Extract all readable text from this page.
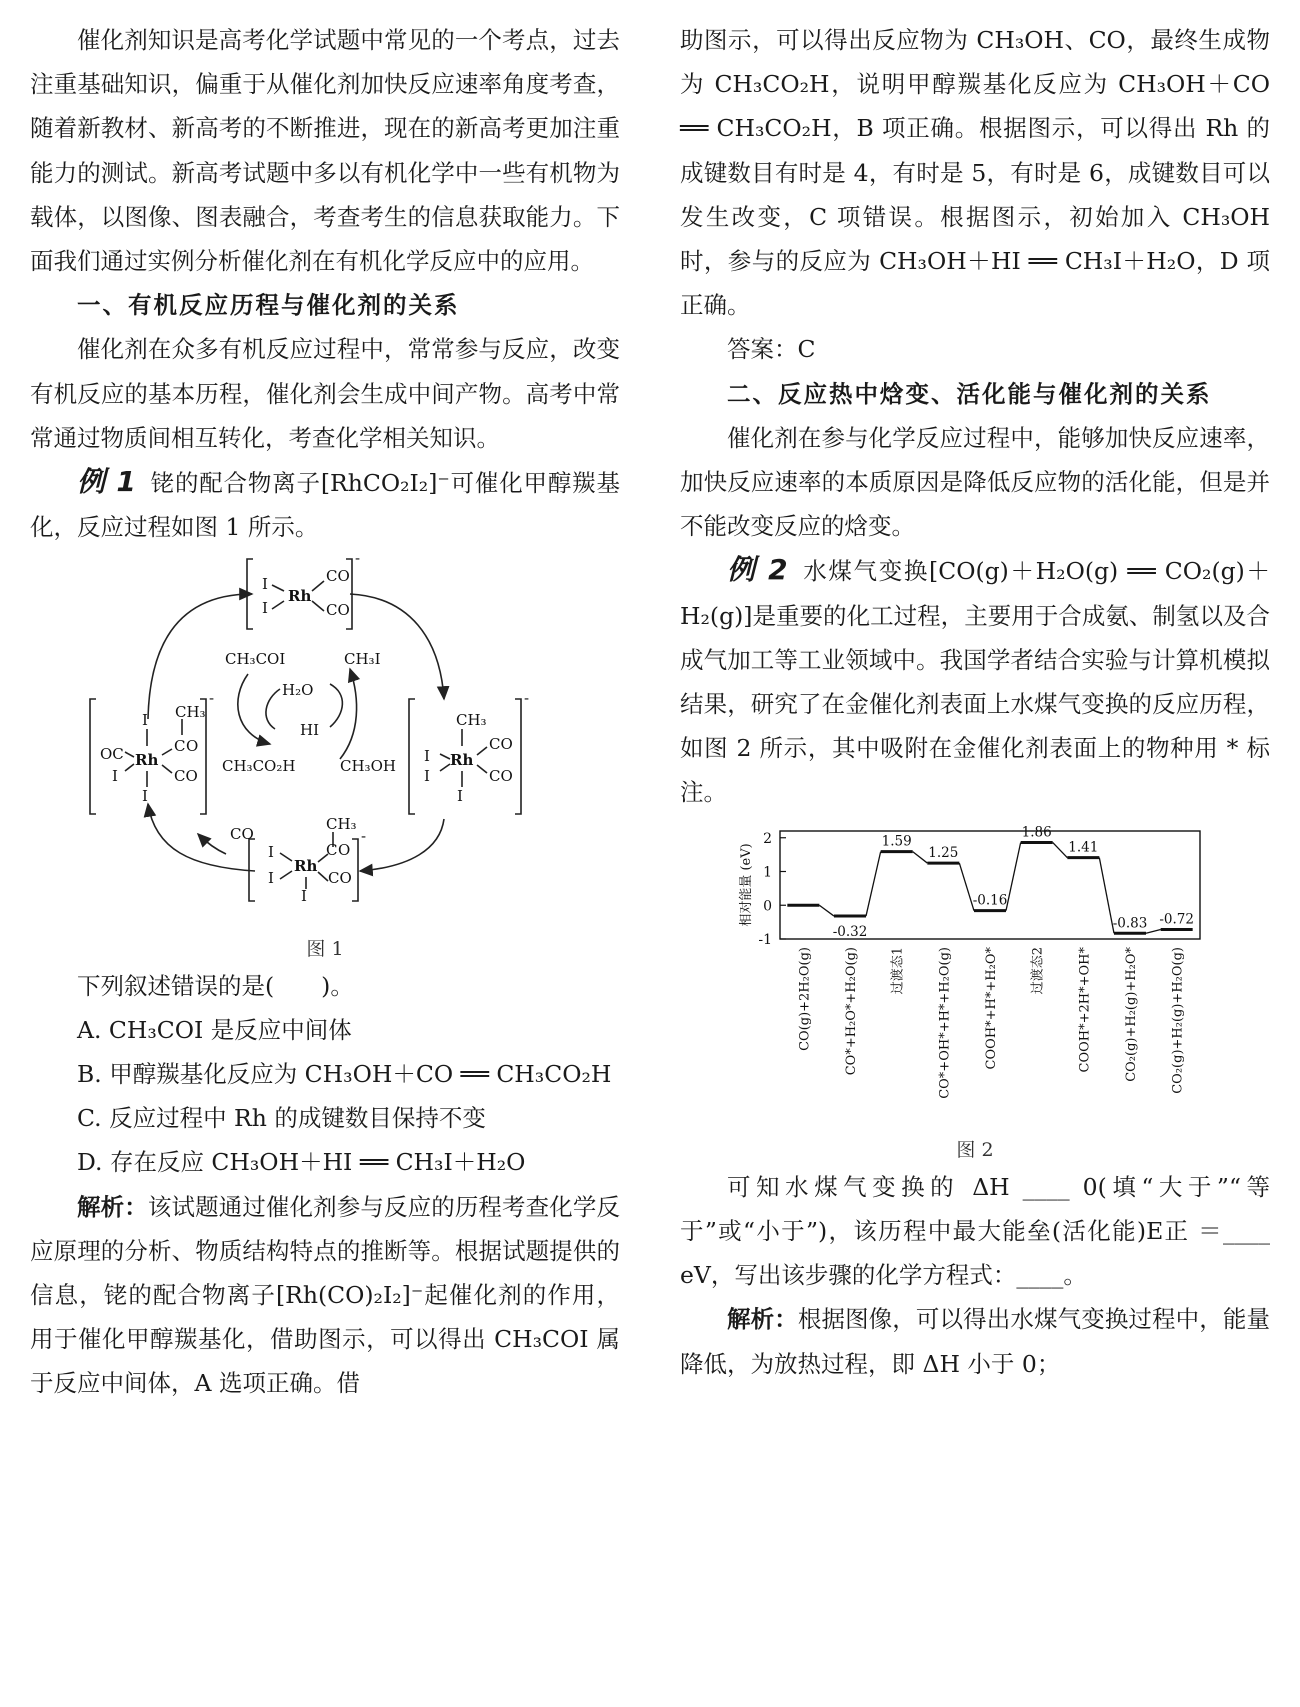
催化剂知识是高考化学试题中常见的一个考点，过去注重基础知识，偏重于从催化剂加快反应速率角度考查，随着新教材、新高考的不断推进，现在的新高考更加注重能力的测试。新高考试题中多以有机化学中一些有机物为载体，以图像、图表融合，考查考生的信息获取能力。下面我们通过实例分析催化剂在有机化学反应中的应用。

一、有机反应历程与催化剂的关系

催化剂在众多有机反应过程中，常常参与反应，改变有机反应的基本历程，催化剂会生成中间产物。高考中常常通过物质间相互转化，考查化学相关知识。

例 1 铑的配合物离子[RhCO₂I₂]⁻可催化甲醇羰基化，反应过程如图 1 所示。

I
I
Rh
CO
CO
-
I
OC
I
Rh
I
CH₃
C O
CO
-
CH₃
I
I
Rh
I
CO
CO
-
I
I
Rh
I
CH₃
C O
CO
-
CH₃COI	CH₃I
H₂O
HI
CH₃CO₂H	CH₃OH
CO

图 1

下列叙述错误的是(　　)。

A. CH₃COI 是反应中间体

B. 甲醇羰基化反应为 CH₃OH＋CO ══ CH₃CO₂H

C. 反应过程中 Rh 的成键数目保持不变

D. 存在反应 CH₃OH＋HI ══ CH₃I＋H₂O

解析：该试题通过催化剂参与反应的历程考查化学反应原理的分析、物质结构特点的推断等。根据试题提供的信息，铑的配合物离子[Rh(CO)₂I₂]⁻起催化剂的作用，用于催化甲醇羰基化，借助图示，可以得出 CH₃COI 属于反应中间体，A 选项正确。借

助图示，可以得出反应物为 CH₃OH、CO，最终生成物为 CH₃CO₂H，说明甲醇羰基化反应为 CH₃OH＋CO ══ CH₃CO₂H，B 项正确。根据图示，可以得出 Rh 的成键数目有时是 4，有时是 5，有时是 6，成键数目可以发生改变，C 项错误。根据图示，初始加入 CH₃OH 时，参与的反应为 CH₃OH＋HI ══ CH₃I＋H₂O，D 项正确。

答案：C

二、反应热中焓变、活化能与催化剂的关系

催化剂在参与化学反应过程中，能够加快反应速率，加快反应速率的本质原因是降低反应物的活化能，但是并不能改变反应的焓变。

例 2 水煤气变换[CO(g)＋H₂O(g) ══ CO₂(g)＋H₂(g)]是重要的化工过程，主要用于合成氨、制氢以及合成气加工等工业领域中。我国学者结合实验与计算机模拟结果，研究了在金催化剂表面上水煤气变换的反应历程，如图 2 所示，其中吸附在金催化剂表面上的物种用 * 标注。

2
1
0
-1
相对能量 (eV)
CO(g)+2H₂O(g)
-0.32
CO*+H₂O*+H₂O(g)
1.59
过渡态1
1.25
CO*+OH*+H*+H₂O(g)
-0.16
COOH*+H*+H₂O*
1.86
过渡态2
1.41
COOH*+2H*+OH*
-0.83
CO₂(g)+H₂(g)+H₂O*
-0.72
CO₂(g)+H₂(g)+H₂O(g)

图 2

可知水煤气变换的 ΔH ____ 0(填“大于”“等于”或“小于”)，该历程中最大能垒(活化能)E正 ＝____ eV，写出该步骤的化学方程式：____。

解析：根据图像，可以得出水煤气变换过程中，能量降低，为放热过程，即 ΔH 小于 0；
